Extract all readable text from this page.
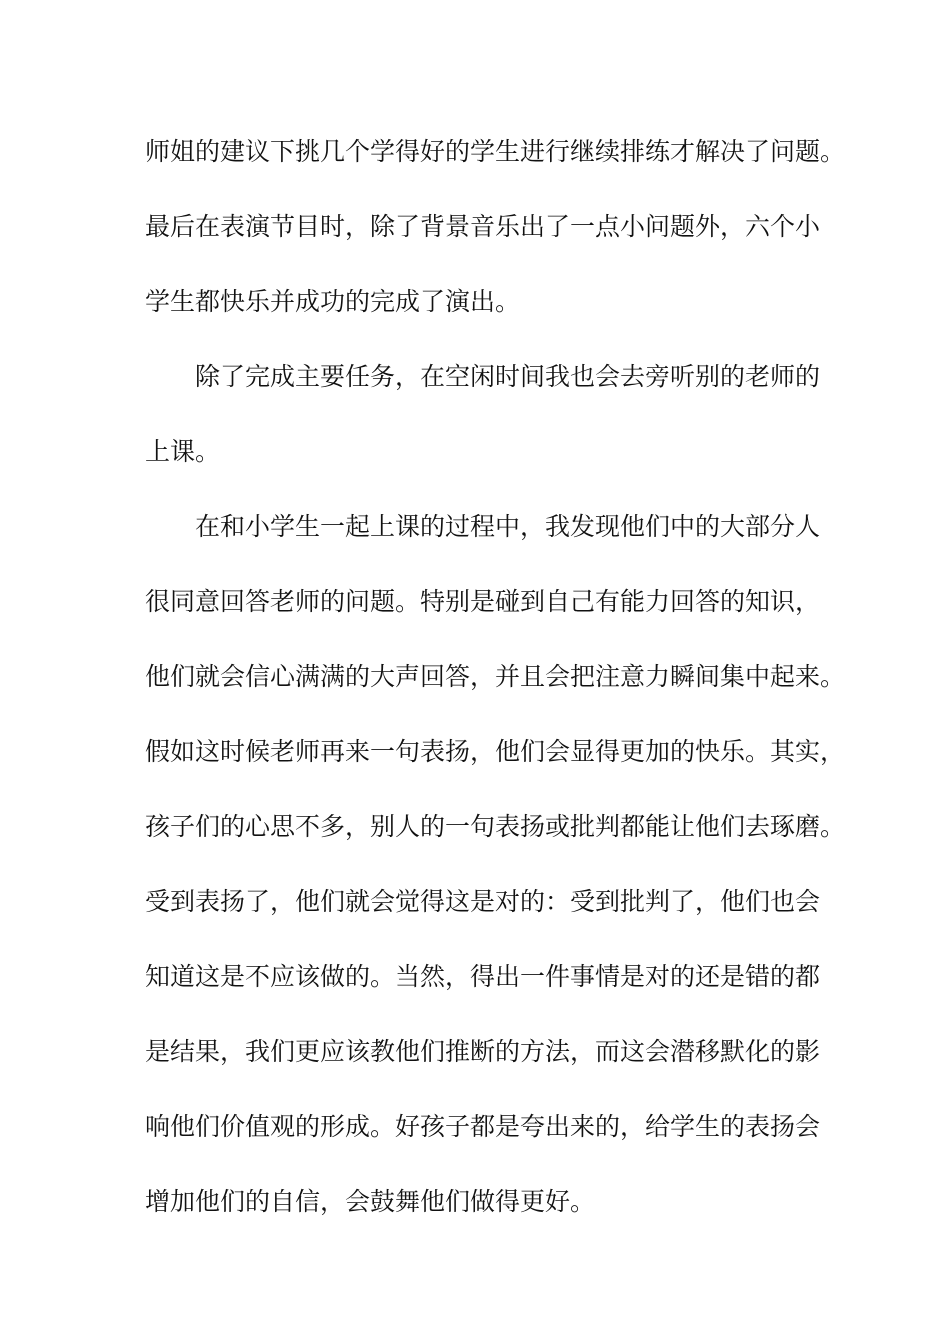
师姐的建议下挑几个学得好的学生进行继续排练才解决了问题。
最后在表演节目时，除了背景音乐出了一点小问题外，六个小
学生都快乐并成功的完成了演出。
除了完成主要任务，在空闲时间我也会去旁听别的老师的
上课。
在和小学生一起上课的过程中，我发现他们中的大部分人
很同意回答老师的问题。特别是碰到自己有能力回答的知识，
他们就会信心满满的大声回答，并且会把注意力瞬间集中起来。
假如这时候老师再来一句表扬，他们会显得更加的快乐。其实，
孩子们的心思不多，别人的一句表扬或批判都能让他们去琢磨。
受到表扬了，他们就会觉得这是对的：受到批判了，他们也会
知道这是不应该做的。当然，得出一件事情是对的还是错的都
是结果，我们更应该教他们推断的方法，而这会潜移默化的影
响他们价值观的形成。好孩子都是夸出来的，给学生的表扬会
增加他们的自信，会鼓舞他们做得更好。
